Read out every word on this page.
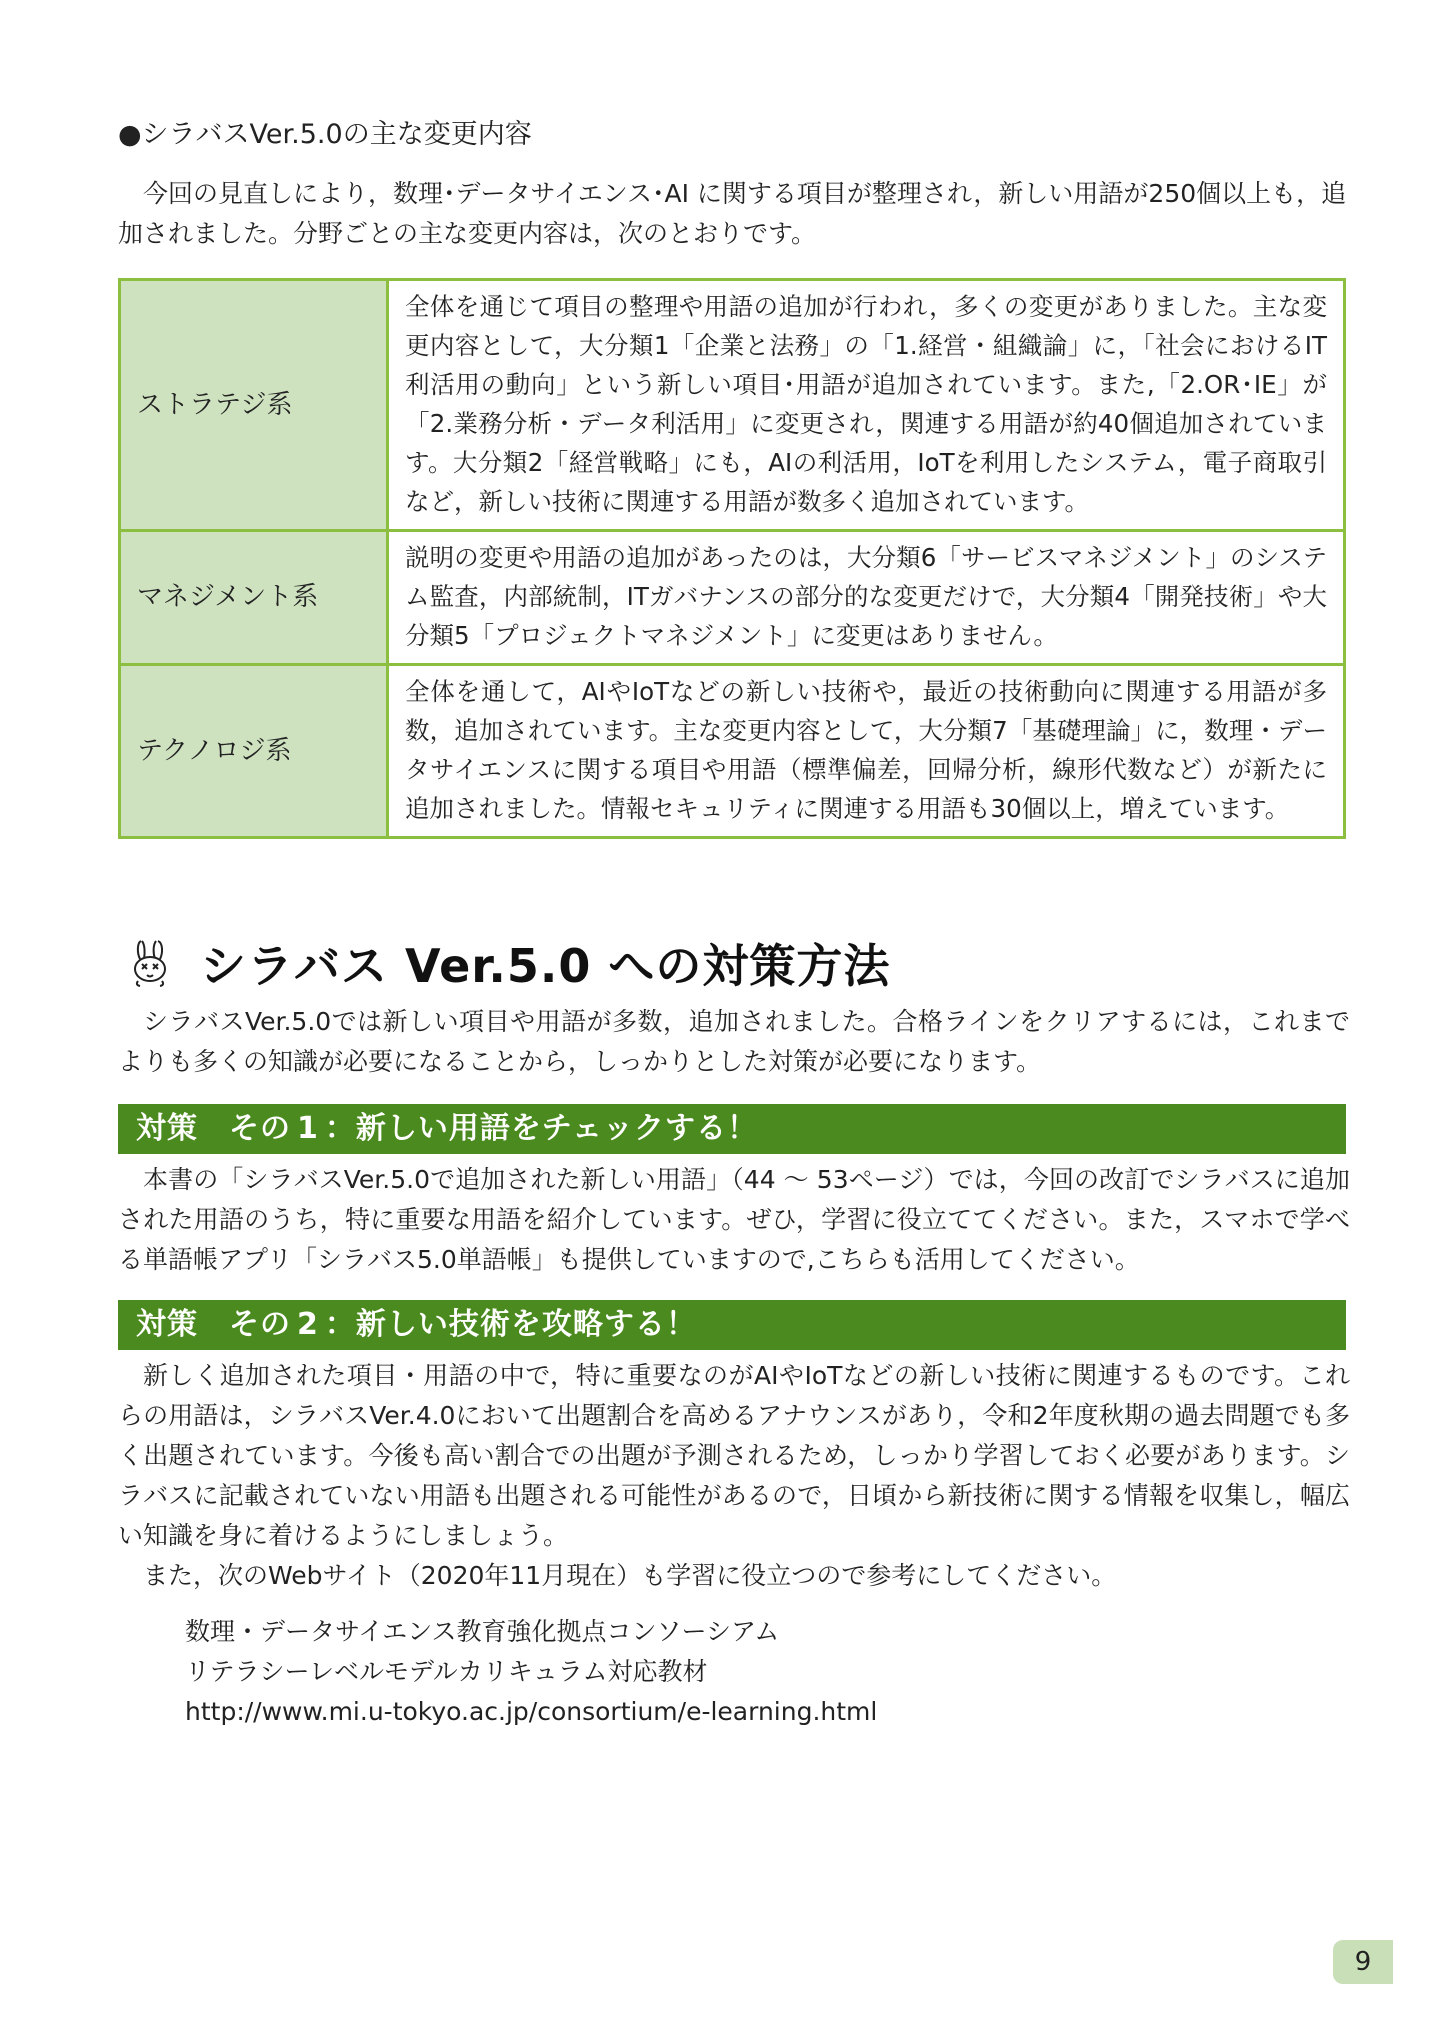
●シラバスVer.5.0の主な変更内容

今回の見直しにより，数理･データサイエンス･AI に関する項目が整理され，新しい用語が250個以上も，追加されました。分野ごとの主な変更内容は，次のとおりです。

ストラテジ系	全体を通じて項目の整理や用語の追加が行われ，多くの変更がありました。主な変更内容として，大分類1「企業と法務」の「1.経営・組織論」に，「社会におけるIT利活用の動向」という新しい項目･用語が追加されています。また,「2.OR･IE」が「2.業務分析・データ利活用」に変更され，関連する用語が約40個追加されています。大分類2「経営戦略」にも，AIの利活用，IoTを利用したシステム，電子商取引など，新しい技術に関連する用語が数多く追加されています。
マネジメント系	説明の変更や用語の追加があったのは，大分類6「サービスマネジメント」のシステム監査，内部統制，ITガバナンスの部分的な変更だけで，大分類4「開発技術」や大分類5「プロジェクトマネジメント」に変更はありません。
テクノロジ系	全体を通して，AIやIoTなどの新しい技術や，最近の技術動向に関連する用語が多数，追加されています。主な変更内容として，大分類7「基礎理論」に，数理・データサイエンスに関する項目や用語（標準偏差，回帰分析，線形代数など）が新たに追加されました。情報セキュリティに関連する用語も30個以上，増えています。
シラバス Ver.5.0 への対策方法

シラバスVer.5.0では新しい項目や用語が多数，追加されました。合格ラインをクリアするには，これまでよりも多くの知識が必要になることから，しっかりとした対策が必要になります。

対策　その 1 ：新しい用語をチェックする！

本書の「シラバスVer.5.0で追加された新しい用語」（44 ～ 53ページ）では，今回の改訂でシラバスに追加された用語のうち，特に重要な用語を紹介しています。ぜひ，学習に役立ててください。また，スマホで学べる単語帳アプリ「シラバス5.0単語帳」も提供していますので,こちらも活用してください。

対策　その 2 ：新しい技術を攻略する！

新しく追加された項目・用語の中で，特に重要なのがAIやIoTなどの新しい技術に関連するものです。これらの用語は，シラバスVer.4.0において出題割合を高めるアナウンスがあり，令和2年度秋期の過去問題でも多く出題されています。今後も高い割合での出題が予測されるため，しっかり学習しておく必要があります。シラバスに記載されていない用語も出題される可能性があるので，日頃から新技術に関する情報を収集し，幅広い知識を身に着けるようにしましょう。

また，次のWebサイト（2020年11月現在）も学習に役立つので参考にしてください。

数理・データサイエンス教育強化拠点コンソーシアム
リテラシーレベルモデルカリキュラム対応教材
http://www.mi.u-tokyo.ac.jp/consortium/e-learning.html
9
